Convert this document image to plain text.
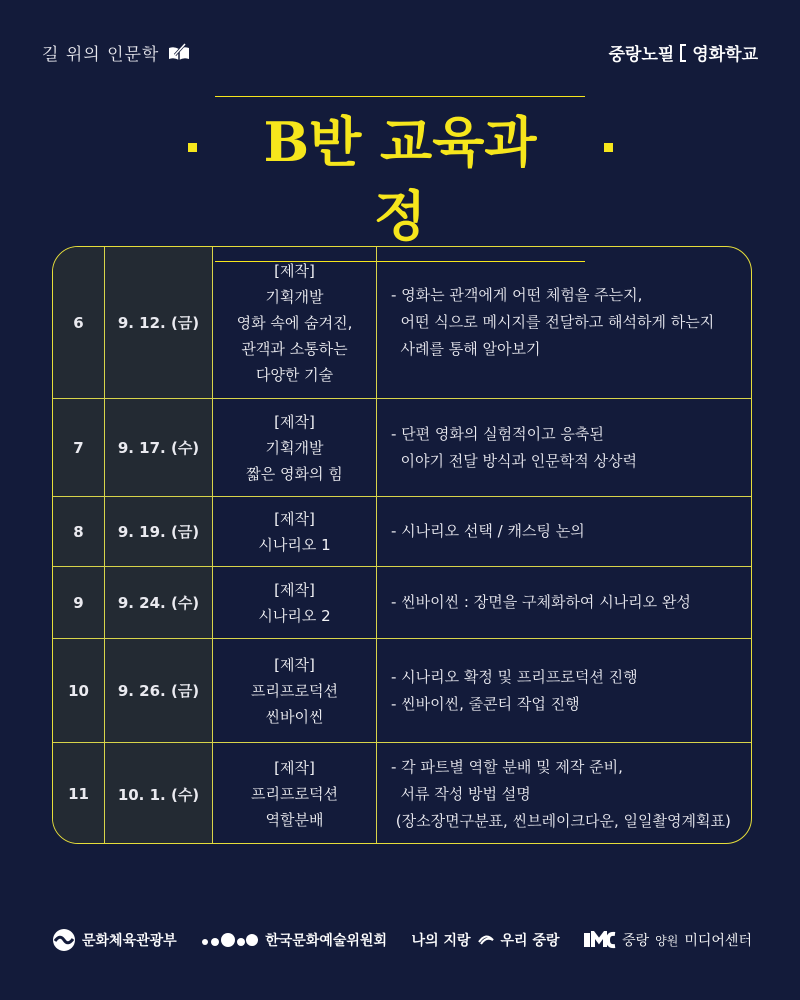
길 위의 인문학	중랑노필 영화학교
B반 교육과정
6	9. 12. (금)
[제작]
기획개발
영화 속에 숨겨진,
관객과 소통하는
다양한 기술
- 영화는 관객에게 어떤 체험을 주는지,
어떤 식으로 메시지를 전달하고 해석하게 하는지
사례를 통해 알아보기
7	9. 17. (수)
[제작]
기획개발
짧은 영화의 힘
- 단편 영화의 실험적이고 응축된
이야기 전달 방식과 인문학적 상상력
8	9. 19. (금)
[제작]
시나리오 1
- 시나리오 선택 / 캐스팅 논의
9	9. 24. (수)
[제작]
시나리오 2
- 씬바이씬 : 장면을 구체화하여 시나리오 완성
10	9. 26. (금)
[제작]
프리프로덕션
씬바이씬
- 시나리오 확정 및 프리프로덕션 진행
- 씬바이씬, 줄콘티 작업 진행
11	10. 1. (수)
[제작]
프리프로덕션
역할분배
- 각 파트별 역할 분배 및 제작 준비,
서류 작성 방법 설명
(장소장면구분표, 씬브레이크다운, 일일촬영계획표)
문화체육관광부	한국문화예술위원회 나의 지랑 우리 중랑	중랑 양원 미디어센터
